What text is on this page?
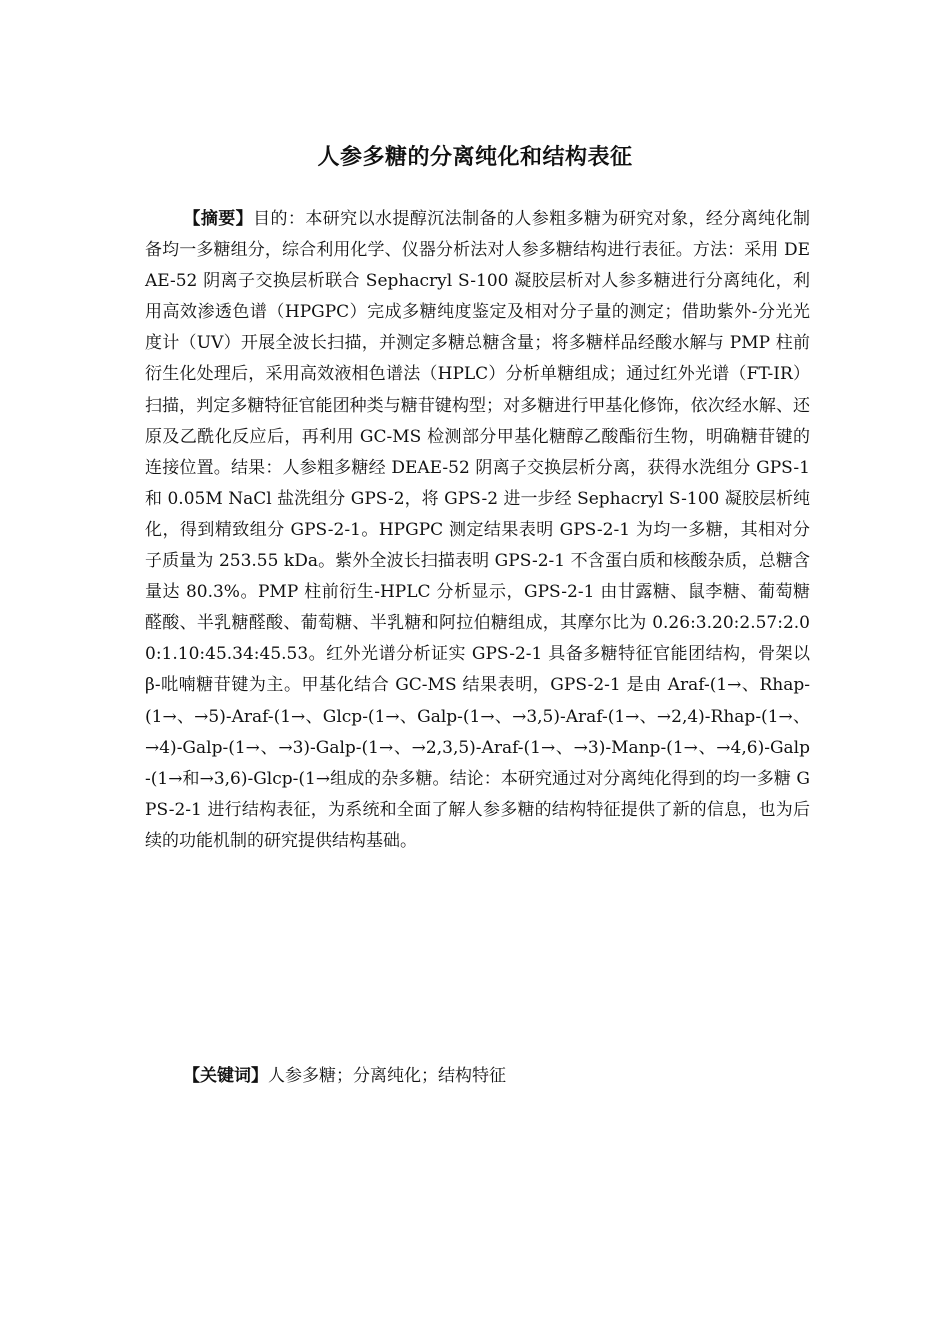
人参多糖的分离纯化和结构表征

【摘要】目的：本研究以水提醇沉法制备的人参粗多糖为研究对象，经分离纯化制备均一多糖组分，综合利用化学、仪器分析法对人参多糖结构进行表征。方法：采用 DEAE-52 阴离子交换层析联合 Sephacryl S-100 凝胶层析对人参多糖进行分离纯化，利用高效渗透色谱（HPGPC）完成多糖纯度鉴定及相对分子量的测定；借助紫外-分光光度计（UV）开展全波长扫描，并测定多糖总糖含量；将多糖样品经酸水解与 PMP 柱前衍生化处理后，采用高效液相色谱法（HPLC）分析单糖组成；通过红外光谱（FT-IR）扫描，判定多糖特征官能团种类与糖苷键构型；对多糖进行甲基化修饰，依次经水解、还原及乙酰化反应后，再利用 GC-MS 检测部分甲基化糖醇乙酸酯衍生物，明确糖苷键的连接位置。结果：人参粗多糖经 DEAE-52 阴离子交换层析分离，获得水洗组分 GPS-1 和 0.05M NaCl 盐洗组分 GPS-2，将 GPS-2 进一步经 Sephacryl S-100 凝胶层析纯化，得到精致组分 GPS-2-1。HPGPC 测定结果表明 GPS-2-1 为均一多糖，其相对分子质量为 253.55 kDa。紫外全波长扫描表明 GPS-2-1 不含蛋白质和核酸杂质，总糖含量达 80.3%。PMP 柱前衍生-HPLC 分析显示，GPS-2-1 由甘露糖、鼠李糖、葡萄糖醛酸、半乳糖醛酸、葡萄糖、半乳糖和阿拉伯糖组成，其摩尔比为 0.26:3.20:2.57:2.00:1.10:45.34:45.53。红外光谱分析证实 GPS-2-1 具备多糖特征官能团结构，骨架以 β-吡喃糖苷键为主。甲基化结合 GC-MS 结果表明，GPS-2-1 是由 Araf-(1→、Rhap-(1→、→5)-Araf-(1→、Glcp-(1→、Galp-(1→、→3,5)-Araf-(1→、→2,4)-Rhap-(1→、→4)-Galp-(1→、→3)-Galp-(1→、→2,3,5)-Araf-(1→、→3)-Manp-(1→、→4,6)-Galp-(1→和→3,6)-Glcp-(1→组成的杂多糖。结论：本研究通过对分离纯化得到的均一多糖 GPS-2-1 进行结构表征，为系统和全面了解人参多糖的结构特征提供了新的信息，也为后续的功能机制的研究提供结构基础。

【关键词】人参多糖；分离纯化；结构特征
